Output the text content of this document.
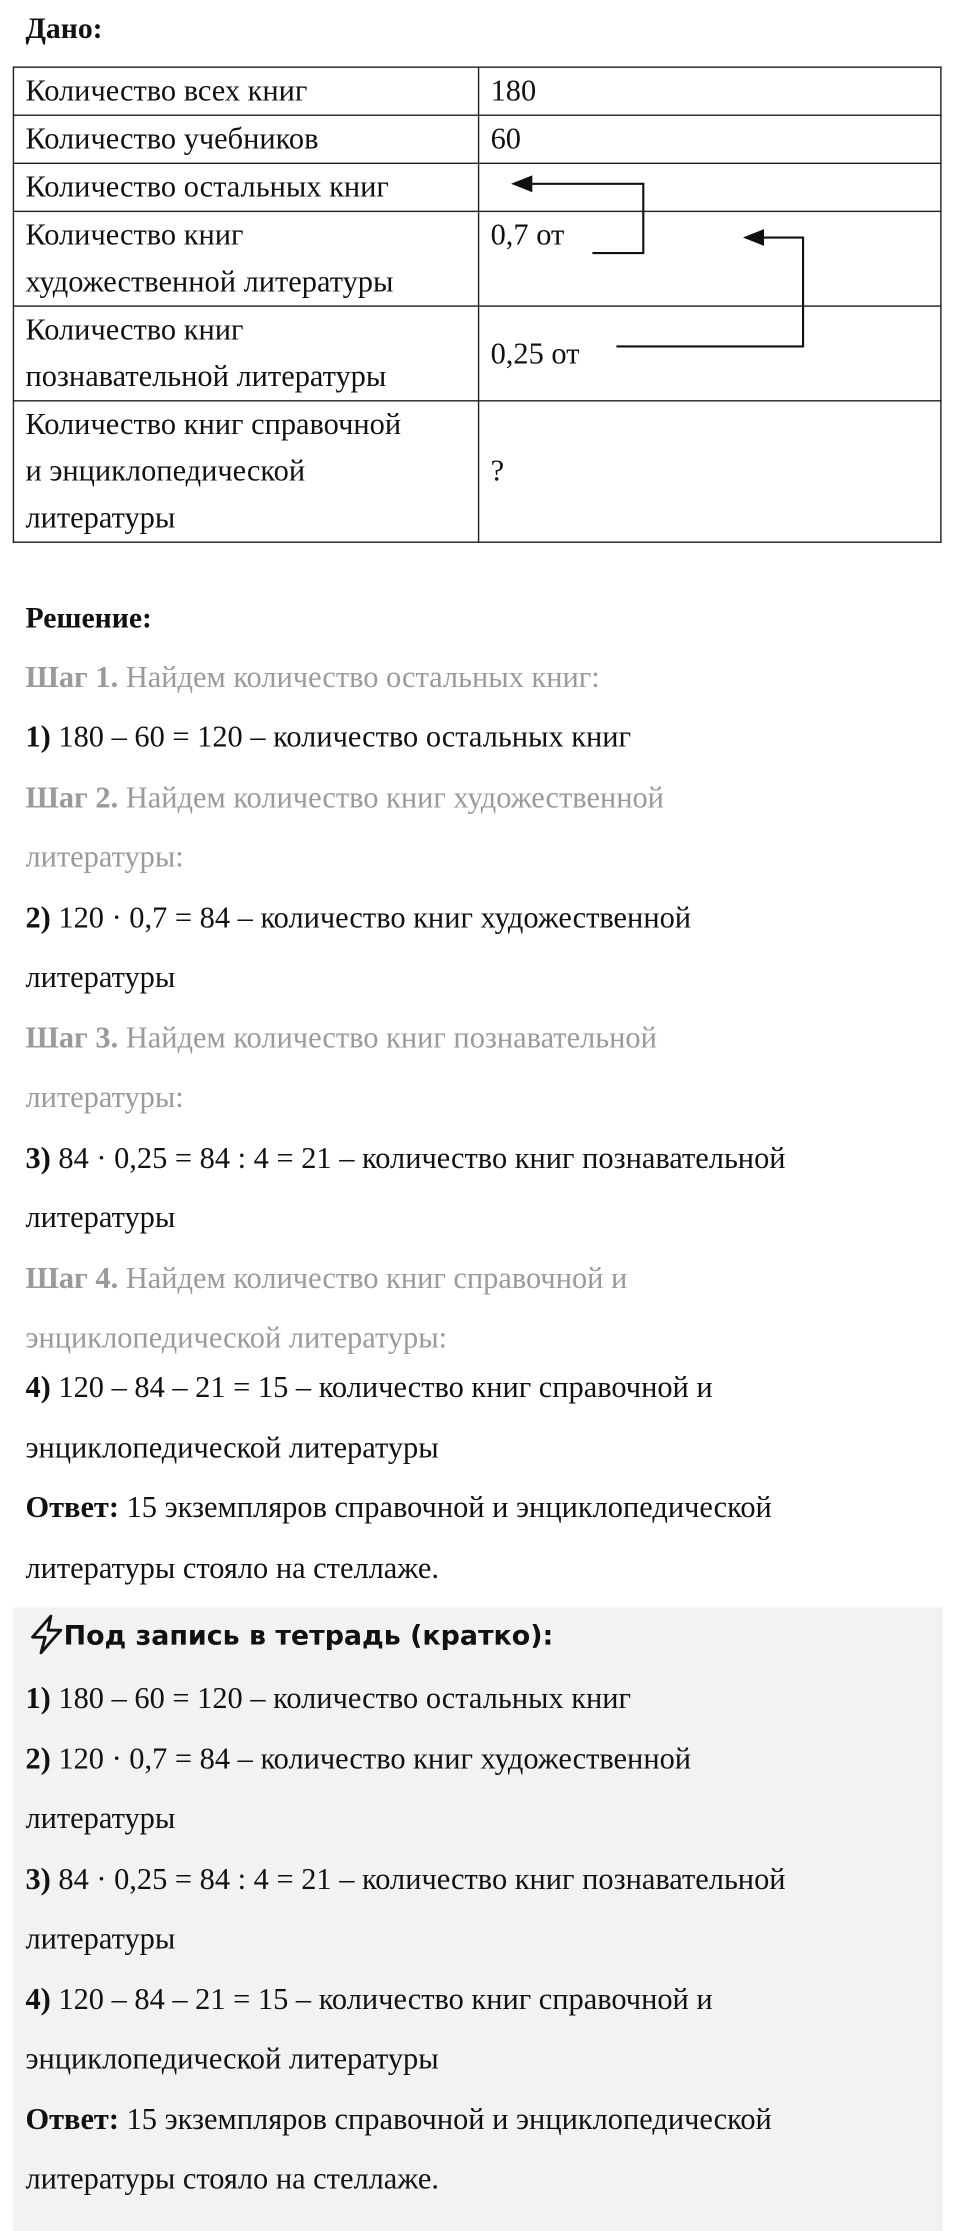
Дано:
Количество всех книг	180
Количество учебников	60
Количество остальных книг	
Количество книг
художественной литературы	0,7 от
Количество книг
познавательной литературы	0,25 от
Количество книг справочной
и энциклопедической
литературы	?
Решение:
Шаг 1. Найдем количество остальных книг:
1) 180 – 60 = 120 – количество остальных книг
Шаг 2. Найдем количество книг художественной
литературы:
2) 120 · 0,7 = 84 – количество книг художественной
литературы
Шаг 3. Найдем количество книг познавательной
литературы:
3) 84 · 0,25 = 84 : 4 = 21 – количество книг познавательной
литературы
Шаг 4. Найдем количество книг справочной и
энциклопедической литературы:
4) 120 – 84 – 21 = 15 – количество книг справочной и
энциклопедической литературы
Ответ: 15 экземпляров справочной и энциклопедической
литературы стояло на стеллаже.
Под запись в тетрадь (кратко):
1) 180 – 60 = 120 – количество остальных книг
2) 120 · 0,7 = 84 – количество книг художественной
литературы
3) 84 · 0,25 = 84 : 4 = 21 – количество книг познавательной
литературы
4) 120 – 84 – 21 = 15 – количество книг справочной и
энциклопедической литературы
Ответ: 15 экземпляров справочной и энциклопедической
литературы стояло на стеллаже.
